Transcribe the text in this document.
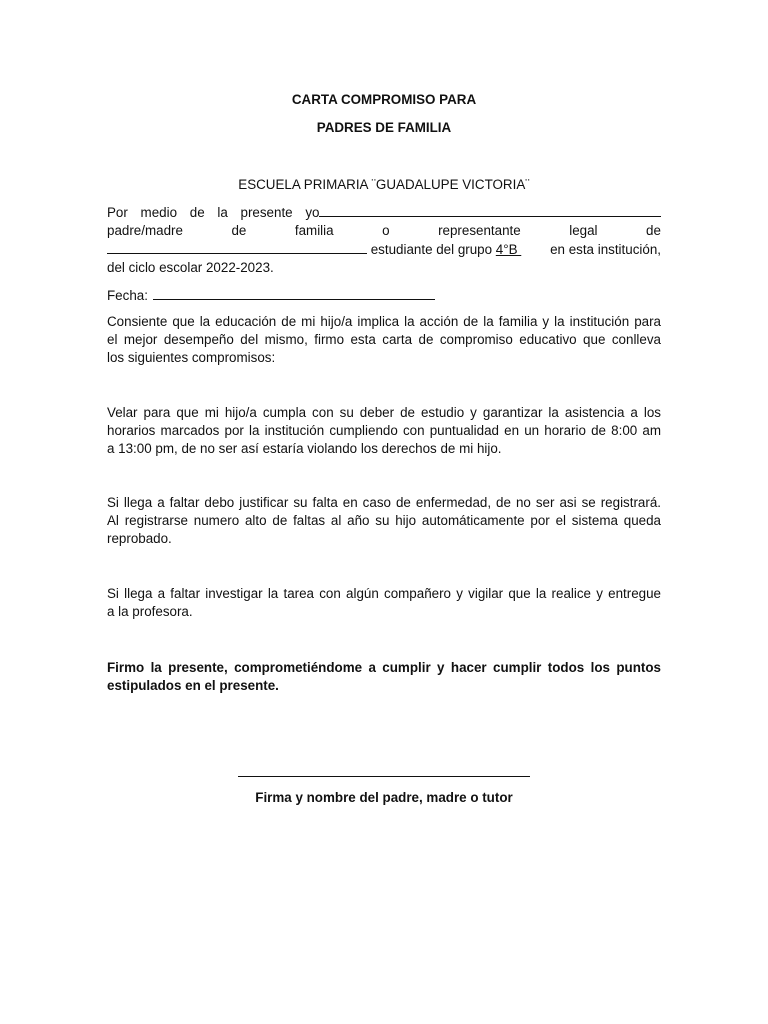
CARTA COMPROMISO PARA
PADRES DE FAMILIA
ESCUELA PRIMARIA ¨GUADALUPE VICTORIA¨
Por medio de la presente yo
padre/madre	de	familia	o	representante	legal	de
estudiante del grupo 4°B	en esta institución,
del ciclo escolar 2022-2023.
Fecha:
Consiente que la educación de mi hijo/a implica la acción de la familia y la institución para
el mejor desempeño del mismo, firmo esta carta de compromiso educativo que conlleva
los siguientes compromisos:
Velar para que mi hijo/a cumpla con su deber de estudio y garantizar la asistencia a los
horarios marcados por la institución cumpliendo con puntualidad en un horario de 8:00 am
a 13:00 pm, de no ser así estaría violando los derechos de mi hijo.
Si llega a faltar debo justificar su falta en caso de enfermedad, de no ser asi se registrará.
Al registrarse numero alto de faltas al año su hijo automáticamente por el sistema queda
reprobado.
Si llega a faltar investigar la tarea con algún compañero y vigilar que la realice y entregue
a la profesora.
Firmo la presente, comprometiéndome a cumplir y hacer cumplir todos los puntos
estipulados en el presente.
Firma y nombre del padre, madre o tutor
